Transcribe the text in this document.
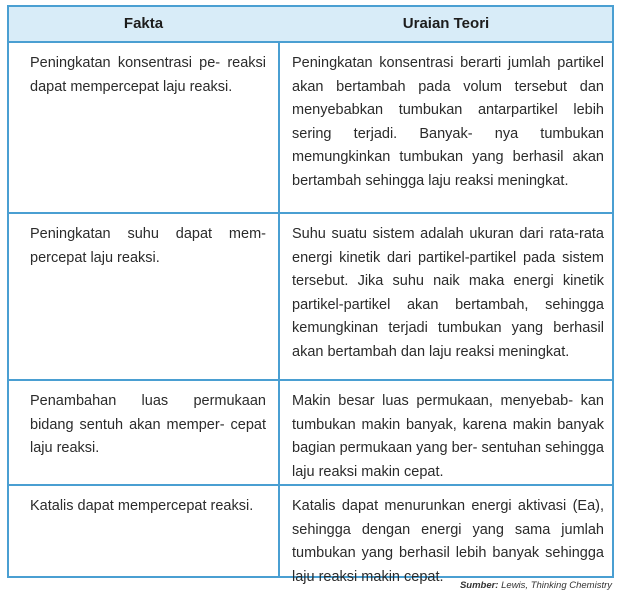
Fakta	Uraian Teori

Peningkatan konsentrasi pe- reaksi dapat mempercepat laju reaksi.

Peningkatan konsentrasi berarti jumlah partikel akan bertambah pada volum tersebut dan menyebabkan tumbukan antarpartikel lebih sering terjadi. Banyak- nya tumbukan memungkinkan tumbukan yang berhasil akan bertambah sehingga laju reaksi meningkat.

Peningkatan suhu dapat mem- percepat laju reaksi.

Suhu suatu sistem adalah ukuran dari rata-rata energi kinetik dari partikel-partikel pada sistem tersebut. Jika suhu naik maka energi kinetik partikel-partikel akan bertambah, sehingga kemungkinan terjadi tumbukan yang berhasil akan bertambah dan laju reaksi meningkat.

Penambahan luas permukaan bidang sentuh akan memper- cepat laju reaksi.

Makin besar luas permukaan, menyebab- kan tumbukan makin banyak, karena makin banyak bagian permukaan yang ber- sentuhan sehingga laju reaksi makin cepat.

Katalis dapat mempercepat reaksi.	Katalis dapat menurunkan energi aktivasi (Ea), sehingga dengan energi yang sama jumlah tumbukan yang berhasil lebih banyak sehingga laju reaksi makin cepat.

Sumber: Lewis, Thinking Chemistry
